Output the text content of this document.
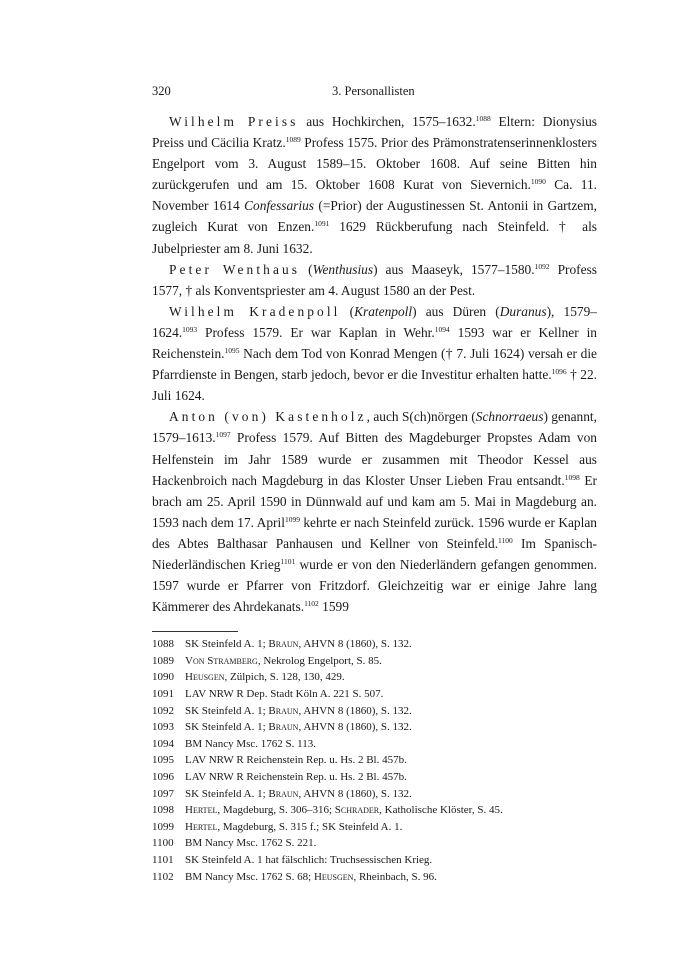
320	3. Personallisten

Wilhelm Preiss aus Hochkirchen, 1575–1632.$^{1088}$ Eltern: Dionysius Preiss und Cäcilia Kratz.$^{1089}$ Profess 1575. Prior des Prämonstratenserinnenklosters Engelport vom 3. August 1589–15. Oktober 1608. Auf seine Bitten hin zurückgerufen und am 15. Oktober 1608 Kurat von Sievernich.$^{1090}$ Ca. 11. November 1614 Confessarius (=Prior) der Augustinessen St. Antonii in Gartzem, zugleich Kurat von Enzen.$^{1091}$ 1629 Rückberufung nach Steinfeld. † als Jubelpriester am 8. Juni 1632.

Peter Wenthaus (Wenthusius) aus Maaseyk, 1577–1580.$^{1092}$ Profess 1577, † als Konventspriester am 4. August 1580 an der Pest.

Wilhelm Kradenpoll (Kratenpoll) aus Düren (Duranus), 1579–1624.$^{1093}$ Profess 1579. Er war Kaplan in Wehr.$^{1094}$ 1593 war er Kellner in Reichenstein.$^{1095}$ Nach dem Tod von Konrad Mengen († 7. Juli 1624) versah er die Pfarrdienste in Bengen, starb jedoch, bevor er die Investitur erhalten hatte.$^{1096}$ † 22. Juli 1624.

Anton (von) Kastenholz, auch S(ch)nörgen (Schnorraeus) genannt, 1579–1613.$^{1097}$ Profess 1579. Auf Bitten des Magdeburger Propstes Adam von Helfenstein im Jahr 1589 wurde er zusammen mit Theodor Kessel aus Hackenbroich nach Magdeburg in das Kloster Unser Lieben Frau entsandt.$^{1098}$ Er brach am 25. April 1590 in Dünnwald auf und kam am 5. Mai in Magdeburg an. 1593 nach dem 17. April$^{1099}$ kehrte er nach Steinfeld zurück. 1596 wurde er Kaplan des Abtes Balthasar Panhausen und Kellner von Steinfeld.$^{1100}$ Im Spanisch-Niederländischen Krieg$^{1101}$ wurde er von den Niederländern gefangen genommen. 1597 wurde er Pfarrer von Fritzdorf. Gleichzeitig war er einige Jahre lang Kämmerer des Ahrdekanats.$^{1102}$ 1599

1088	SK Steinfeld A. 1; Braun, AHVN 8 (1860), S. 132.
1089	Von Stramberg, Nekrolog Engelport, S. 85.
1090	Heusgen, Zülpich, S. 128, 130, 429.
1091	LAV NRW R Dep. Stadt Köln A. 221 S. 507.
1092	SK Steinfeld A. 1; Braun, AHVN 8 (1860), S. 132.
1093	SK Steinfeld A. 1; Braun, AHVN 8 (1860), S. 132.
1094	BM Nancy Msc. 1762 S. 113.
1095	LAV NRW R Reichenstein Rep. u. Hs. 2 Bl. 457b.
1096	LAV NRW R Reichenstein Rep. u. Hs. 2 Bl. 457b.
1097	SK Steinfeld A. 1; Braun, AHVN 8 (1860), S. 132.
1098	Hertel, Magdeburg, S. 306–316; Schrader, Katholische Klöster, S. 45.
1099	Hertel, Magdeburg, S. 315 f.; SK Steinfeld A. 1.
1100	BM Nancy Msc. 1762 S. 221.
1101	SK Steinfeld A. 1 hat fälschlich: Truchsessischen Krieg.
1102	BM Nancy Msc. 1762 S. 68; Heusgen, Rheinbach, S. 96.
